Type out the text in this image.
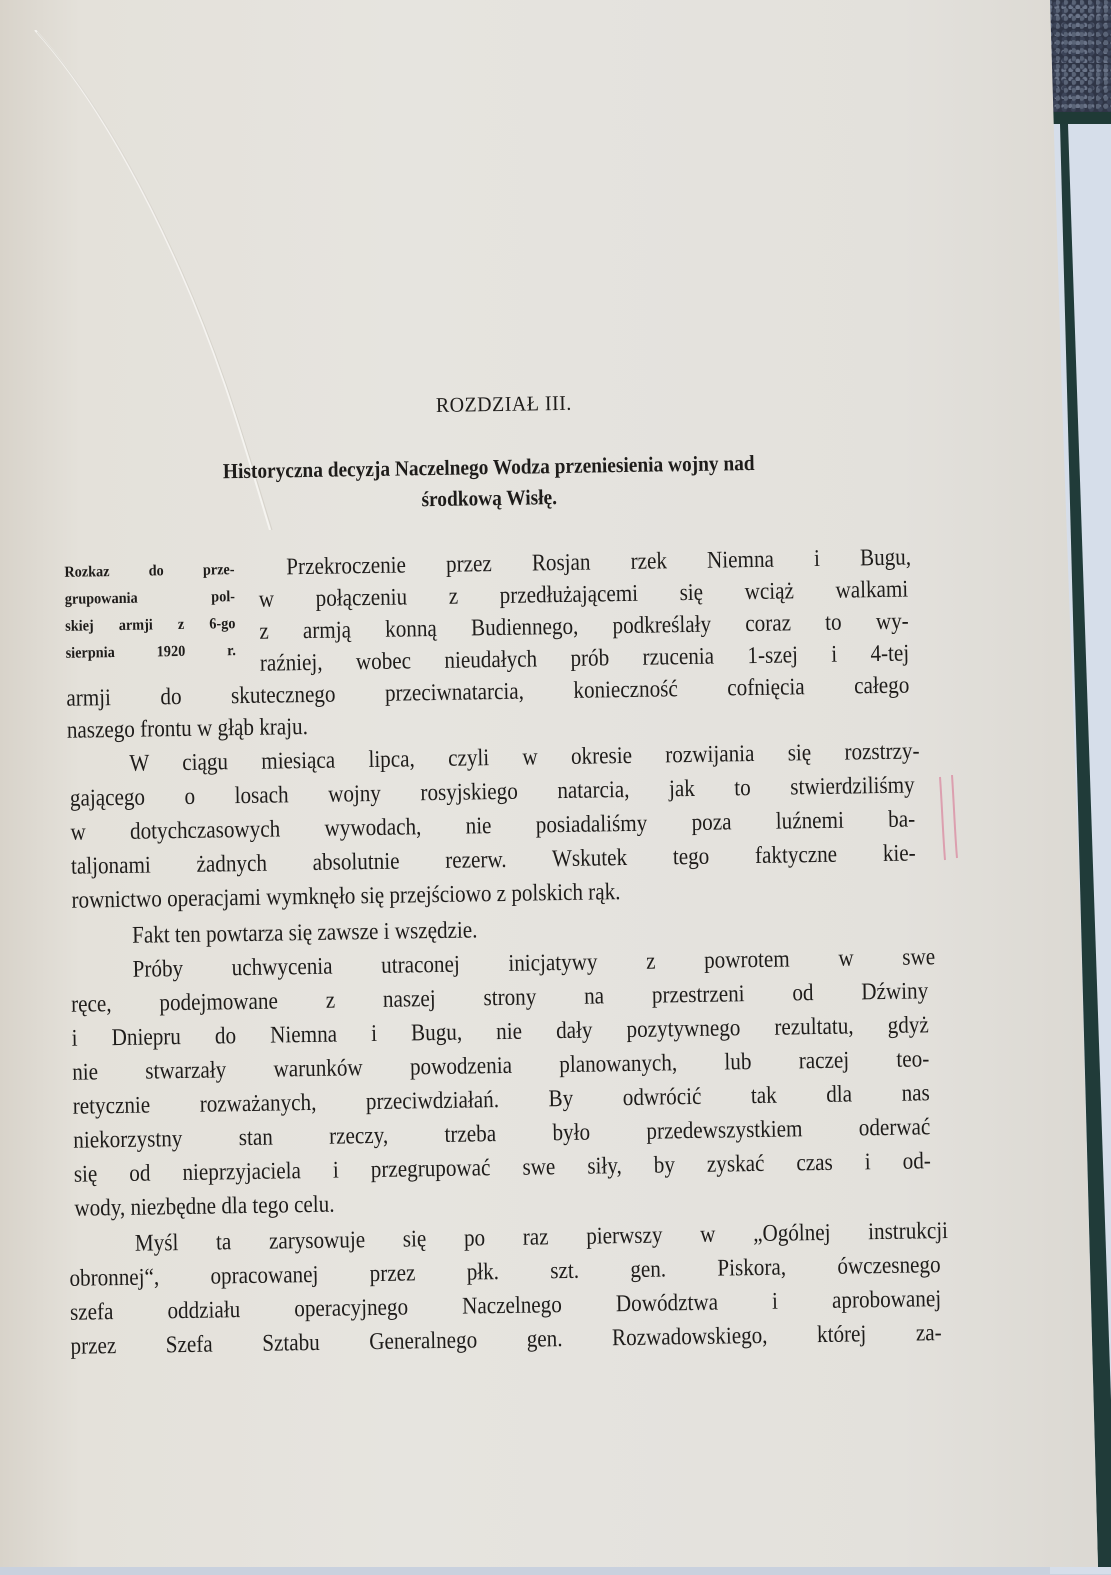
ROZDZIAŁ III.
Historyczna decyzja Naczelnego Wodza przeniesienia wojny nad
środkową Wisłę.
Rozkaz do prze-
grupowania pol-
skiej armji z 6-go
sierpnia 1920 r.
Przekroczenie przez Rosjan rzek Niemna i Bugu,
w połączeniu z przedłużającemi się wciąż walkami
z armją konną Budiennego, podkreślały coraz to wy-
raźniej, wobec nieudałych prób rzucenia 1-szej i 4-tej
armji do skutecznego przeciwnatarcia, konieczność cofnięcia całego
naszego frontu w głąb kraju.
W ciągu miesiąca lipca, czyli w okresie rozwijania się rozstrzy-
gającego o losach wojny rosyjskiego natarcia, jak to stwierdziliśmy
w dotychczasowych wywodach, nie posiadaliśmy poza luźnemi ba-
taljonami żadnych absolutnie rezerw. Wskutek tego faktyczne kie-
rownictwo operacjami wymknęło się przejściowo z polskich rąk.
Fakt ten powtarza się zawsze i wszędzie.
Próby uchwycenia utraconej inicjatywy z powrotem w swe
ręce, podejmowane z naszej strony na przestrzeni od Dźwiny
i Dniepru do Niemna i Bugu, nie dały pozytywnego rezultatu, gdyż
nie stwarzały warunków powodzenia planowanych, lub raczej teo-
retycznie rozważanych, przeciwdziałań. By odwrócić tak dla nas
niekorzystny stan rzeczy, trzeba było przedewszystkiem oderwać
się od nieprzyjaciela i przegrupować swe siły, by zyskać czas i od-
wody, niezbędne dla tego celu.
Myśl ta zarysowuje się po raz pierwszy w „Ogólnej instrukcji
obronnej“, opracowanej przez płk. szt. gen. Piskora, ówczesnego
szefa oddziału operacyjnego Naczelnego Dowództwa i aprobowanej
przez Szefa Sztabu Generalnego gen. Rozwadowskiego, której za-
